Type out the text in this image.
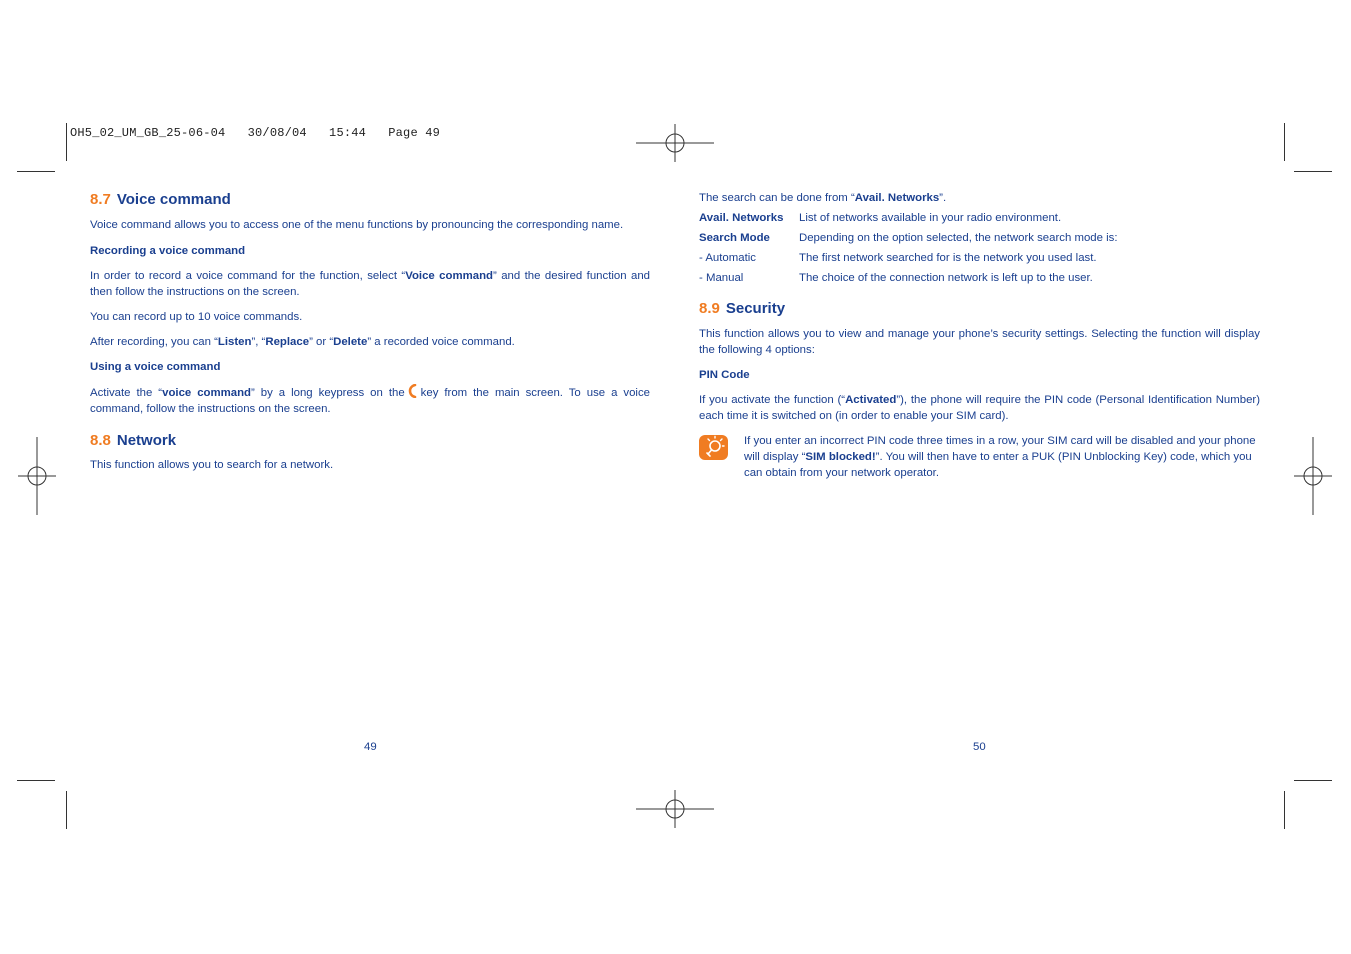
OH5_02_UM_GB_25-06-04   30/08/04   15:44   Page 49
8.7 Voice command

Voice command allows you to access one of the menu functions by pronouncing the corresponding name.

Recording a voice command

In order to record a voice command for the function, select “Voice command” and the desired function and then follow the instructions on the screen.

You can record up to 10 voice commands.

After recording, you can “Listen”, “Replace” or “Delete” a recorded voice command.

Using a voice command

Activate the “voice command” by a long keypress on the key from the main screen. To use a voice command, follow the instructions on the screen.

8.8 Network

This function allows you to search for a network.

49

The search can be done from “Avail. Networks”.

Avail. Networks	List of networks available in your radio environment.
Search Mode	Depending on the option selected, the network search mode is:
- Automatic	The first network searched for is the network you used last.
- Manual	The choice of the connection network is left up to the user.
8.9 Security

This function allows you to view and manage your phone’s security settings. Selecting the function will display the following 4 options:

PIN Code

If you activate the function (“Activated”), the phone will require the PIN code (Personal Identification Number) each time it is switched on (in order to enable your SIM card).

If you enter an incorrect PIN code three times in a row, your SIM card will be disabled and your phone will display “SIM blocked!”. You will then have to enter a PUK (PIN Unblocking Key) code, which you can obtain from your network operator.

50
